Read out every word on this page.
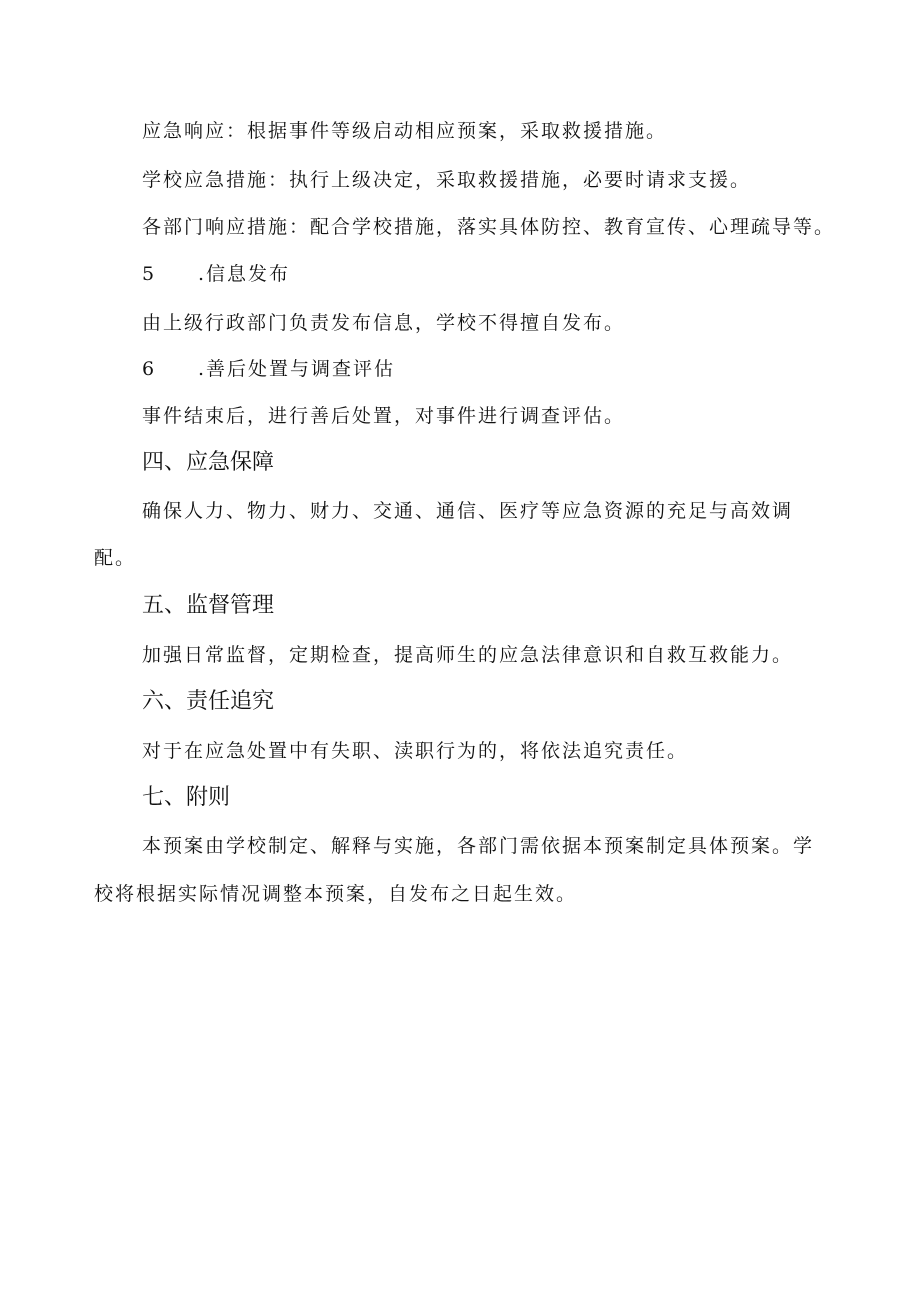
应急响应：根据事件等级启动相应预案，采取救援措施。
学校应急措施：执行上级决定，采取救援措施，必要时请求支援。
各部门响应措施：配合学校措施，落实具体防控、教育宣传、心理疏导等。
5 .信息发布
由上级行政部门负责发布信息，学校不得擅自发布。
6 .善后处置与调查评估
事件结束后，进行善后处置，对事件进行调查评估。
四、应急保障
确保人力、物力、财力、交通、通信、医疗等应急资源的充足与高效调
配。
五、监督管理
加强日常监督，定期检查，提高师生的应急法律意识和自救互救能力。
六、责任追究
对于在应急处置中有失职、渎职行为的，将依法追究责任。
七、附则
本预案由学校制定、解释与实施，各部门需依据本预案制定具体预案。学
校将根据实际情况调整本预案，自发布之日起生效。
